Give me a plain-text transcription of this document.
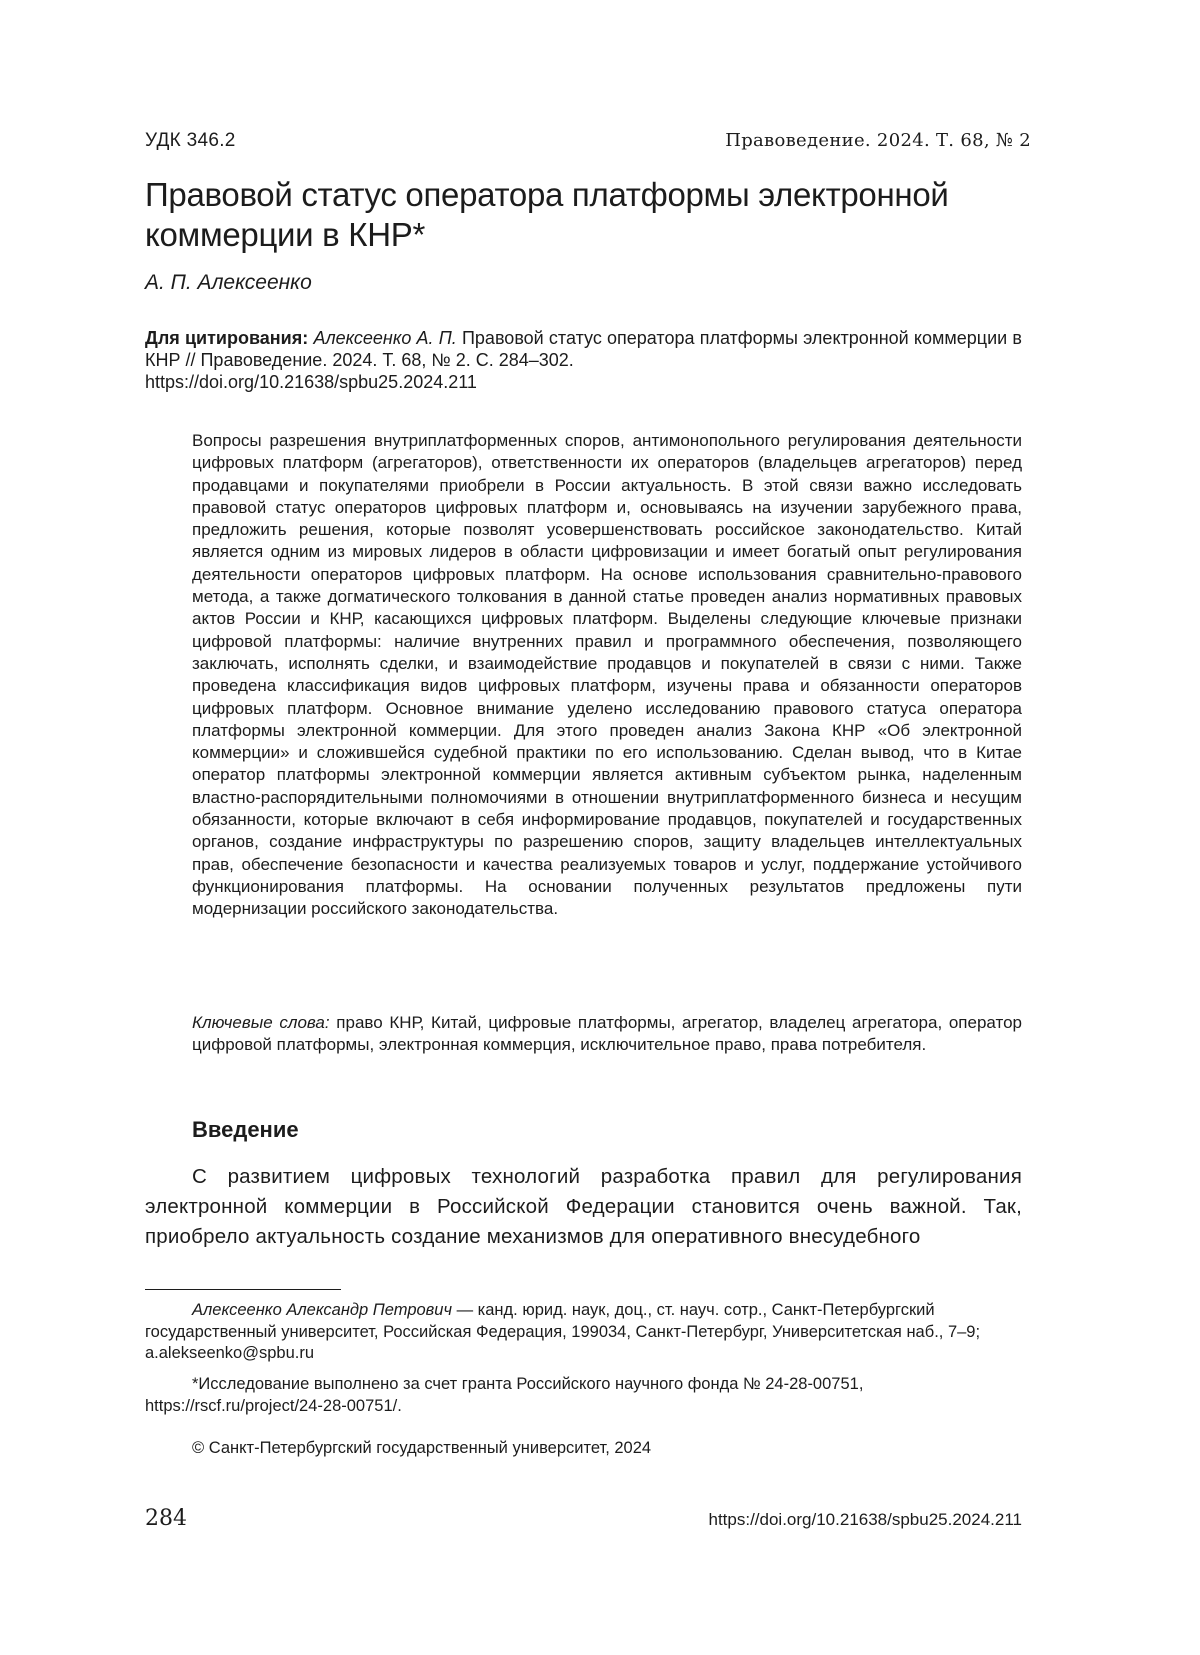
УДК 346.2	Правоведение. 2024. Т. 68, № 2
Правовой статус оператора платформы электронной коммерции в КНР*
А. П. Алексеенко

Для цитирования: Алексеенко А. П. Правовой статус оператора платформы электронной коммерции в КНР // Правоведение. 2024. Т. 68, № 2. С. 284–302.
https://doi.org/10.21638/spbu25.2024.211

Вопросы разрешения внутриплатформенных споров, антимонопольного регулирования деятельности цифровых платформ (агрегаторов), ответственности их операторов (владельцев агрегаторов) перед продавцами и покупателями приобрели в России актуальность. В этой связи важно исследовать правовой статус операторов цифровых платформ и, основываясь на изучении зарубежного права, предложить решения, которые позволят усовершенствовать российское законодательство. Китай является одним из мировых лидеров в области цифровизации и имеет богатый опыт регулирования деятельности операторов цифровых платформ. На основе использования сравнительно-правового метода, а также догматического толкования в данной статье проведен анализ нормативных правовых актов России и КНР, касающихся цифровых платформ. Выделены следующие ключевые признаки цифровой платформы: наличие внутренних правил и программного обеспечения, позволяющего заключать, исполнять сделки, и взаимодействие продавцов и покупателей в связи с ними. Также проведена классификация видов цифровых платформ, изучены права и обязанности операторов цифровых платформ. Основное внимание уделено исследованию правового статуса оператора платформы электронной коммерции. Для этого проведен анализ Закона КНР «Об электронной коммерции» и сложившейся судебной практики по его использованию. Сделан вывод, что в Китае оператор платформы электронной коммерции является активным субъектом рынка, наделенным властно-распорядительными полномочиями в отношении внутриплатформенного бизнеса и несущим обязанности, которые включают в себя информирование продавцов, покупателей и государственных органов, создание инфраструктуры по разрешению споров, защиту владельцев интеллектуальных прав, обеспечение безопасности и качества реализуемых товаров и услуг, поддержание устойчивого функционирования платформы. На основании полученных результатов предложены пути модернизации российского законодательства.

Ключевые слова: право КНР, Китай, цифровые платформы, агрегатор, владелец агрегатора, оператор цифровой платформы, электронная коммерция, исключительное право, права потребителя.

Введение

С развитием цифровых технологий разработка правил для регулирования электронной коммерции в Российской Федерации становится очень важной. Так, приобрело актуальность создание механизмов для оперативного внесудебного

Алексеенко Александр Петрович — канд. юрид. наук, доц., ст. науч. сотр., Санкт-Петербургский государственный университет, Российская Федерация, 199034, Санкт-Петербург, Университетская наб., 7–9; a.alekseenko@spbu.ru

*Исследование выполнено за счет гранта Российского научного фонда № 24-28-00751, https://rscf.ru/project/24-28-00751/.

© Санкт-Петербургский государственный университет, 2024

284	https://doi.org/10.21638/spbu25.2024.211
